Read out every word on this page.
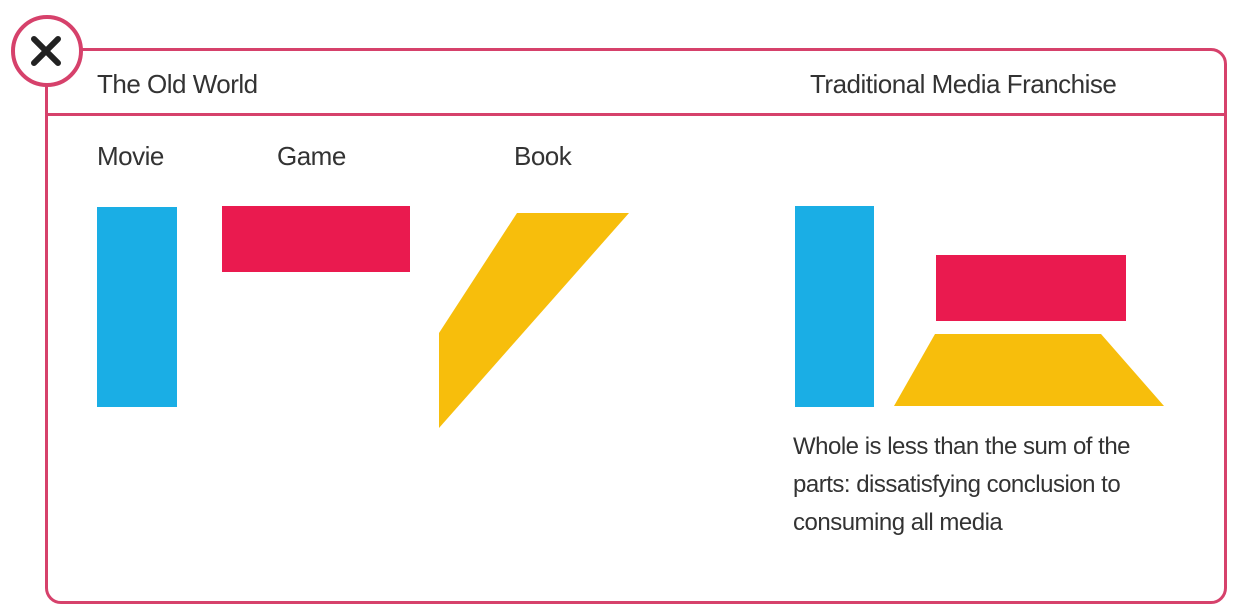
The Old World	Traditional Media Franchise
Movie	Game	Book
Whole is less than the sum of the parts: dissatisfying conclusion to consuming all media
